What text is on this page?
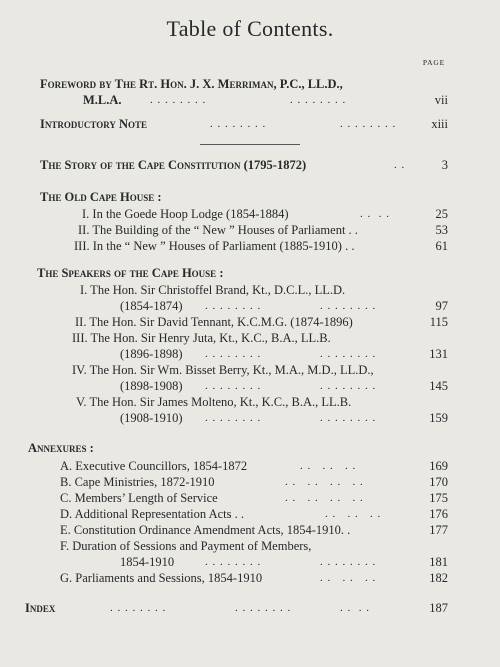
Table of Contents.
PAGE
Foreword by The Rt. Hon. J. X. Merriman, P.C., LL.D.,
M.L.A.	. . . . . . . .	. . . . . . . .	vii
Introductory Note	. . . . . . . .	. . . . . . . .	xiii
The Story of the Cape Constitution (1795-1872)	. .	3
The Old Cape House :
I. In the Goede Hoop Lodge (1854-1884)	. .  . .	25
II. The Building of the “ New ” Houses of Parliament . .	53
III. In the “ New ” Houses of Parliament (1885-1910) . .	61
The Speakers of the Cape House :
I. The Hon. Sir Christoffel Brand, Kt., D.C.L., LL.D.
(1854-1874) . . . . . . . .	. . . . . . . .	97
II. The Hon. Sir David Tennant, K.C.M.G. (1874-1896)	115
III. The Hon. Sir Henry Juta, Kt., K.C., B.A., LL.B.
(1896-1898) . . . . . . . .	. . . . . . . .	131
IV. The Hon. Sir Wm. Bisset Berry, Kt., M.A., M.D., LL.D.,
(1898-1908) . . . . . . . .	. . . . . . . .	145
V. The Hon. Sir James Molteno, Kt., K.C., B.A., LL.B.
(1908-1910) . . . . . . . .	. . . . . . . .	159
Annexures :
A. Executive Councillors, 1854-1872	. .   . .   . .	169
B. Cape Ministries, 1872-1910	. .   . .   . .   . .	170
C. Members’ Length of Service	. .   . .   . .   . .	175
D. Additional Representation Acts . .	. .   . .   . .	176
E. Constitution Ordinance Amendment Acts, 1854-1910. .	177
F. Duration of Sessions and Payment of Members,
1854-1910	. . . . . . . .	. . . . . . . .	181
G. Parliaments and Sessions, 1854-1910	. .   . .   . .	182
Index	. . . . . . . .	. . . . . . . .	. .  . .	187
